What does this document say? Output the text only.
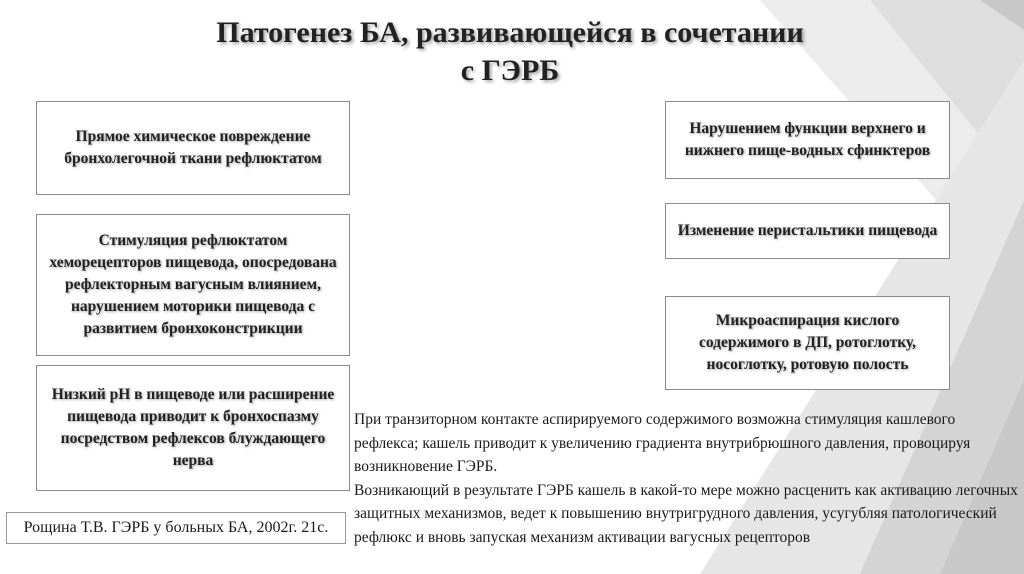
Патогенез БА, развивающейся в сочетании
с ГЭРБ
Прямое химическое повреждение бронхолегочной ткани рефлюктатом
Стимуляция рефлюктатом хеморецепторов пищевода, опосредована рефлекторным вагусным влиянием, нарушением моторики пищевода с развитием бронхоконстрикции
Низкий рН в пищеводе или расширение пищевода приводит к бронхоспазму посредством рефлексов блуждающего нерва
Нарушением функции верхнего и нижнего пище-водных сфинктеров
Изменение перистальтики пищевода
Микроаспирация кислого содержимого в ДП, ротоглотку, носоглотку, ротовую полость
При транзиторном контакте аспирируемого содержимого возможна стимуляция кашлевого рефлекса; кашель приводит к увеличению градиента внутрибрюшного давления, провоцируя возникновение ГЭРБ.
Возникающий в результате ГЭРБ кашель в какой-то мере можно расценить как активацию легочных защитных механизмов, ведет к повышению внутригрудного давления, усугубляя патологический рефлюкс и вновь запуская механизм активации вагусных рецепторов
Рощина Т.В. ГЭРБ у больных БА, 2002г. 21с.
